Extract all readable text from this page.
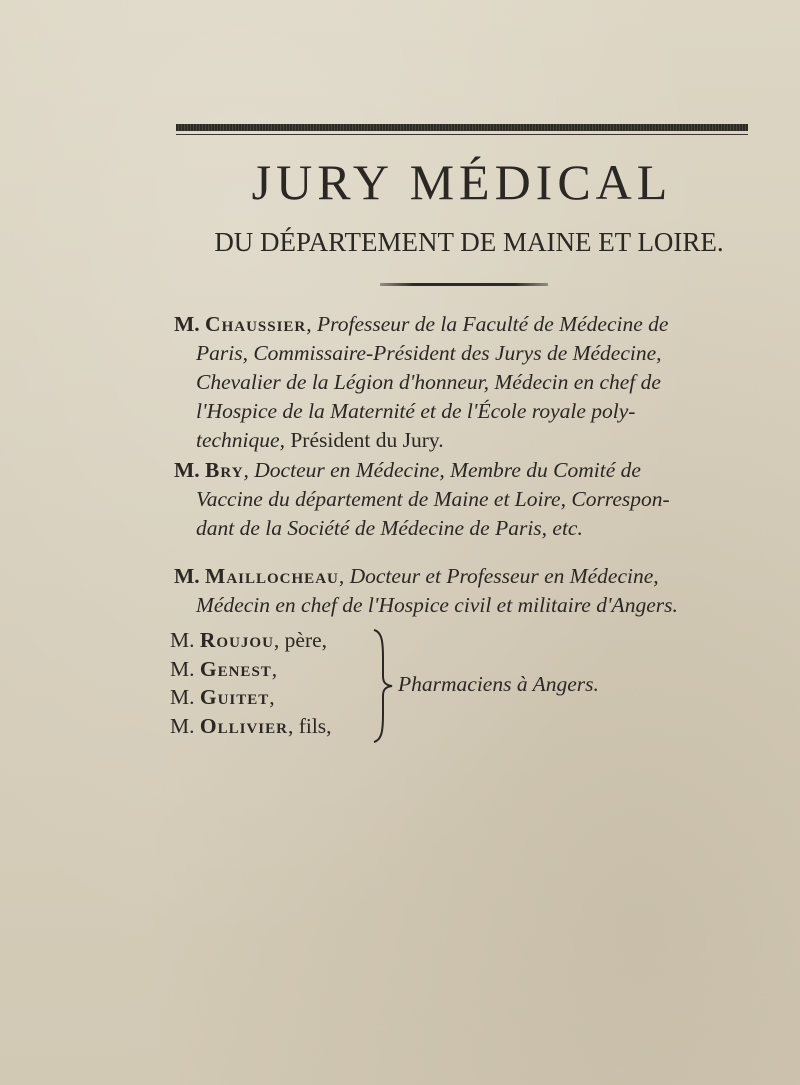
JURY MÉDICAL
DU DÉPARTEMENT DE MAINE ET LOIRE.
M. Chaussier, Professeur de la Faculté de Médecine de
Paris, Commissaire-Président des Jurys de Médecine,
Chevalier de la Légion d'honneur, Médecin en chef de
l'Hospice de la Maternité et de l'École royale poly-
technique, Président du Jury.
M. Bry, Docteur en Médecine, Membre du Comité de
Vaccine du département de Maine et Loire, Correspon-
dant de la Société de Médecine de Paris, etc.
M. Maillocheau, Docteur et Professeur en Médecine,
Médecin en chef de l'Hospice civil et militaire d'Angers.
M. Roujou, père,
M. Genest,
M. Guitet,
M. Ollivier, fils,
Pharmaciens à Angers.
